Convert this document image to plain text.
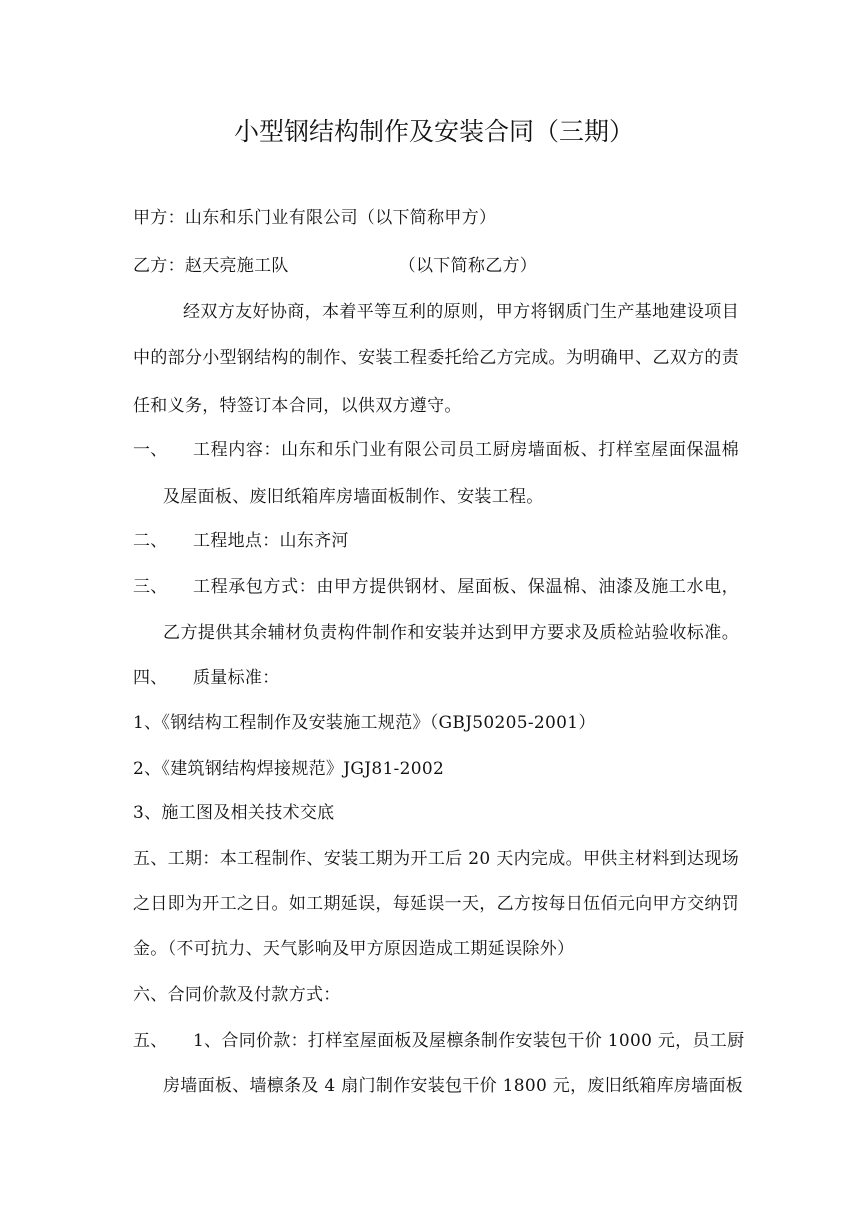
小型钢结构制作及安装合同（三期）
甲方：山东和乐门业有限公司（以下简称甲方）
乙方：赵天亮施工队	（以下简称乙方）
经双方友好协商，本着平等互利的原则，甲方将钢质门生产基地建设项目
中的部分小型钢结构的制作、安装工程委托给乙方完成。为明确甲、乙双方的责
任和义务，特签订本合同，以供双方遵守。
一、 工程内容：山东和乐门业有限公司员工厨房墙面板、打样室屋面保温棉
及屋面板、废旧纸箱库房墙面板制作、安装工程。
二、 工程地点：山东齐河
三、 工程承包方式：由甲方提供钢材、屋面板、保温棉、油漆及施工水电，
乙方提供其余辅材负责构件制作和安装并达到甲方要求及质检站验收标准。
四、 质量标准：
1、《钢结构工程制作及安装施工规范》（GBJ50205-2001）
2、《建筑钢结构焊接规范》JGJ81-2002
3、施工图及相关技术交底
五、工期：本工程制作、安装工期为开工后 20 天内完成。甲供主材料到达现场
之日即为开工之日。如工期延误，每延误一天，乙方按每日伍佰元向甲方交纳罚
金。（不可抗力、天气影响及甲方原因造成工期延误除外）
六、合同价款及付款方式：
五、 1、合同价款：打样室屋面板及屋檩条制作安装包干价 1000 元，员工厨
房墙面板、墙檩条及 4 扇门制作安装包干价 1800 元，废旧纸箱库房墙面板
